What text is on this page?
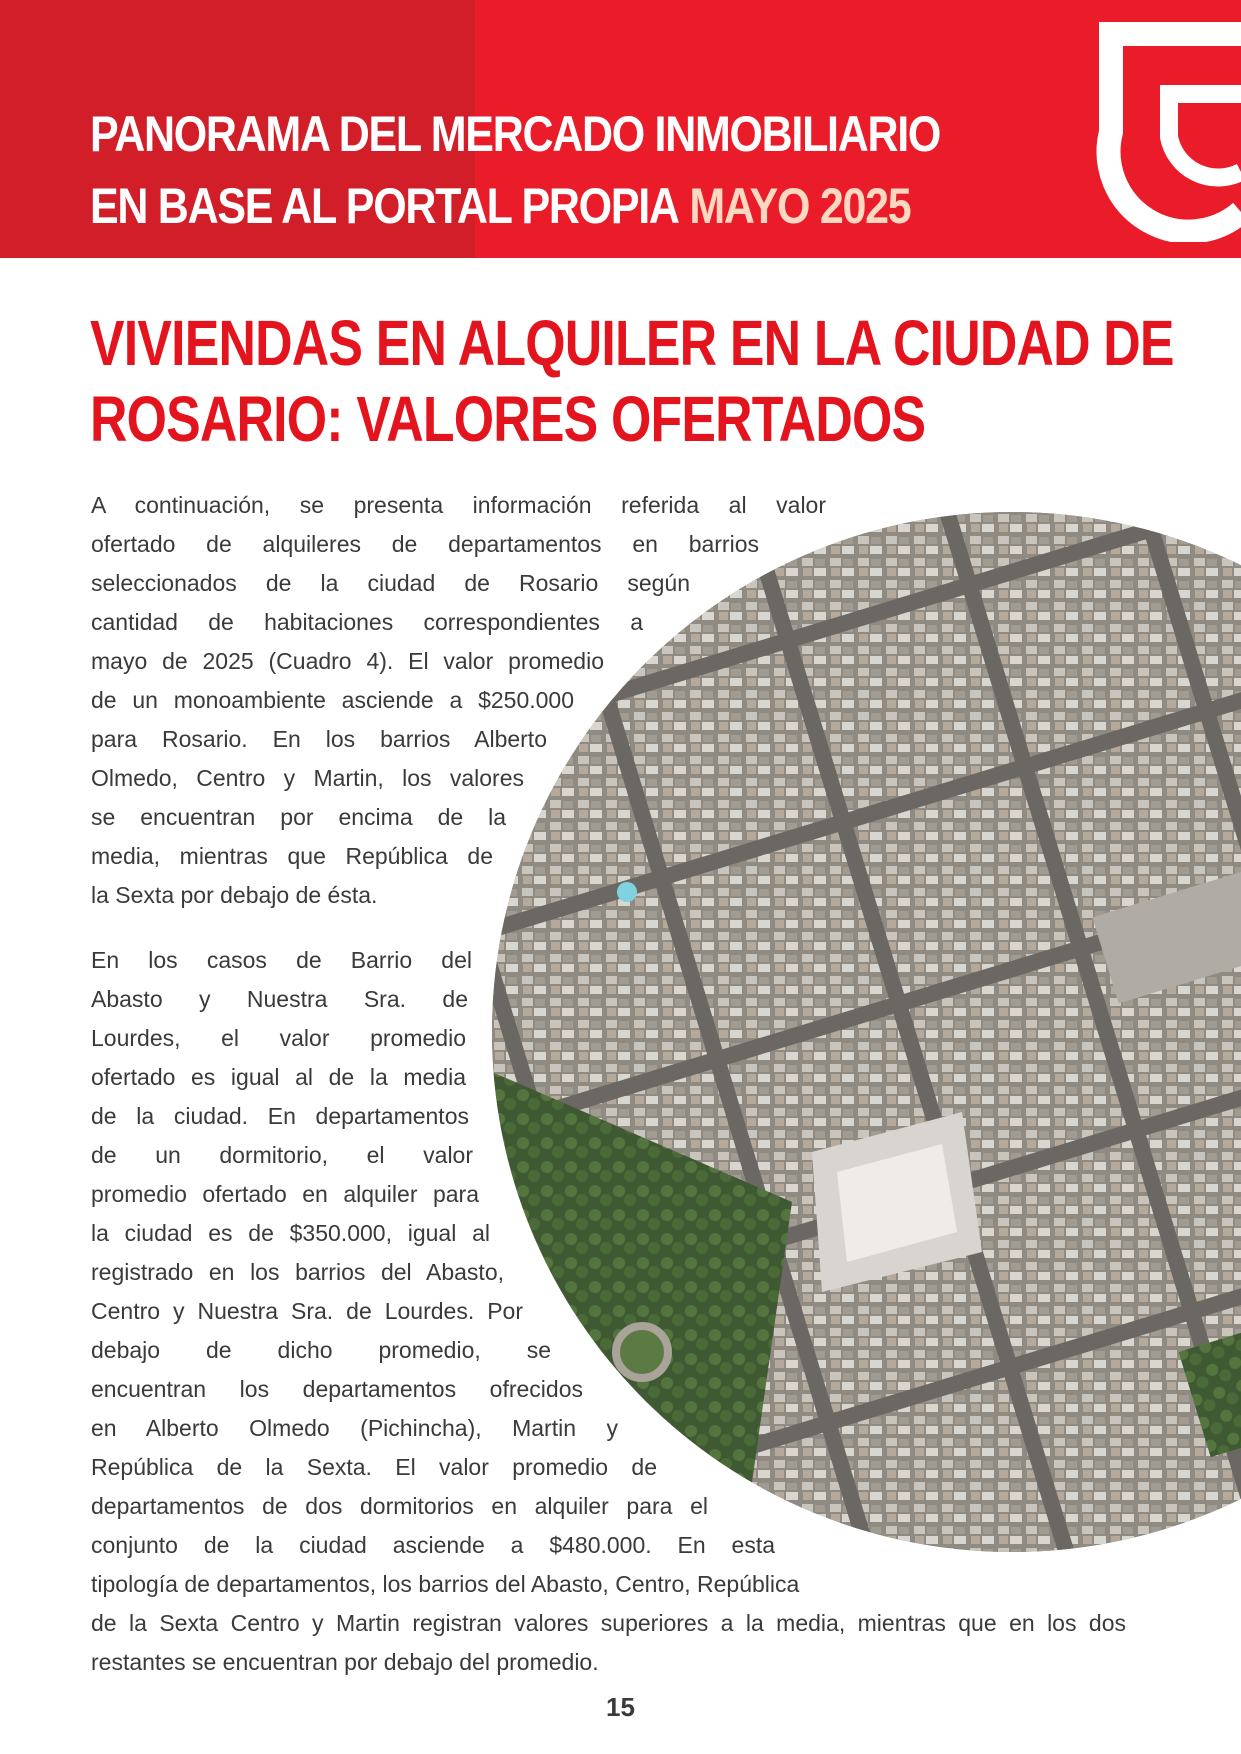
PANORAMA DEL MERCADO INMOBILIARIO
EN BASE AL PORTAL PROPIA MAYO 2025
VIVIENDAS EN ALQUILER EN LA CIUDAD DE
ROSARIO: VALORES OFERTADOS
A continuación, se presenta información referida al valor
ofertado de alquileres de departamentos en barrios
seleccionados de la ciudad de Rosario según
cantidad de habitaciones correspondientes a
mayo de 2025 (Cuadro 4). El valor promedio
de un monoambiente asciende a $250.000
para Rosario. En los barrios Alberto
Olmedo, Centro y Martin, los valores
se encuentran por encima de la
media, mientras que República de
la Sexta por debajo de ésta.
En los casos de Barrio del
Abasto y Nuestra Sra. de
Lourdes, el valor promedio
ofertado es igual al de la media
de la ciudad. En departamentos
de un dormitorio, el valor
promedio ofertado en alquiler para
la ciudad es de $350.000, igual al
registrado en los barrios del Abasto,
Centro y Nuestra Sra. de Lourdes. Por
debajo de dicho promedio, se
encuentran los departamentos ofrecidos
en Alberto Olmedo (Pichincha), Martin y
República de la Sexta. El valor promedio de
departamentos de dos dormitorios en alquiler para el
conjunto de la ciudad asciende a $480.000. En esta
tipología de departamentos, los barrios del Abasto, Centro, República
de la Sexta Centro y Martin registran valores superiores a la media, mientras que en los dos
restantes se encuentran por debajo del promedio.
15
